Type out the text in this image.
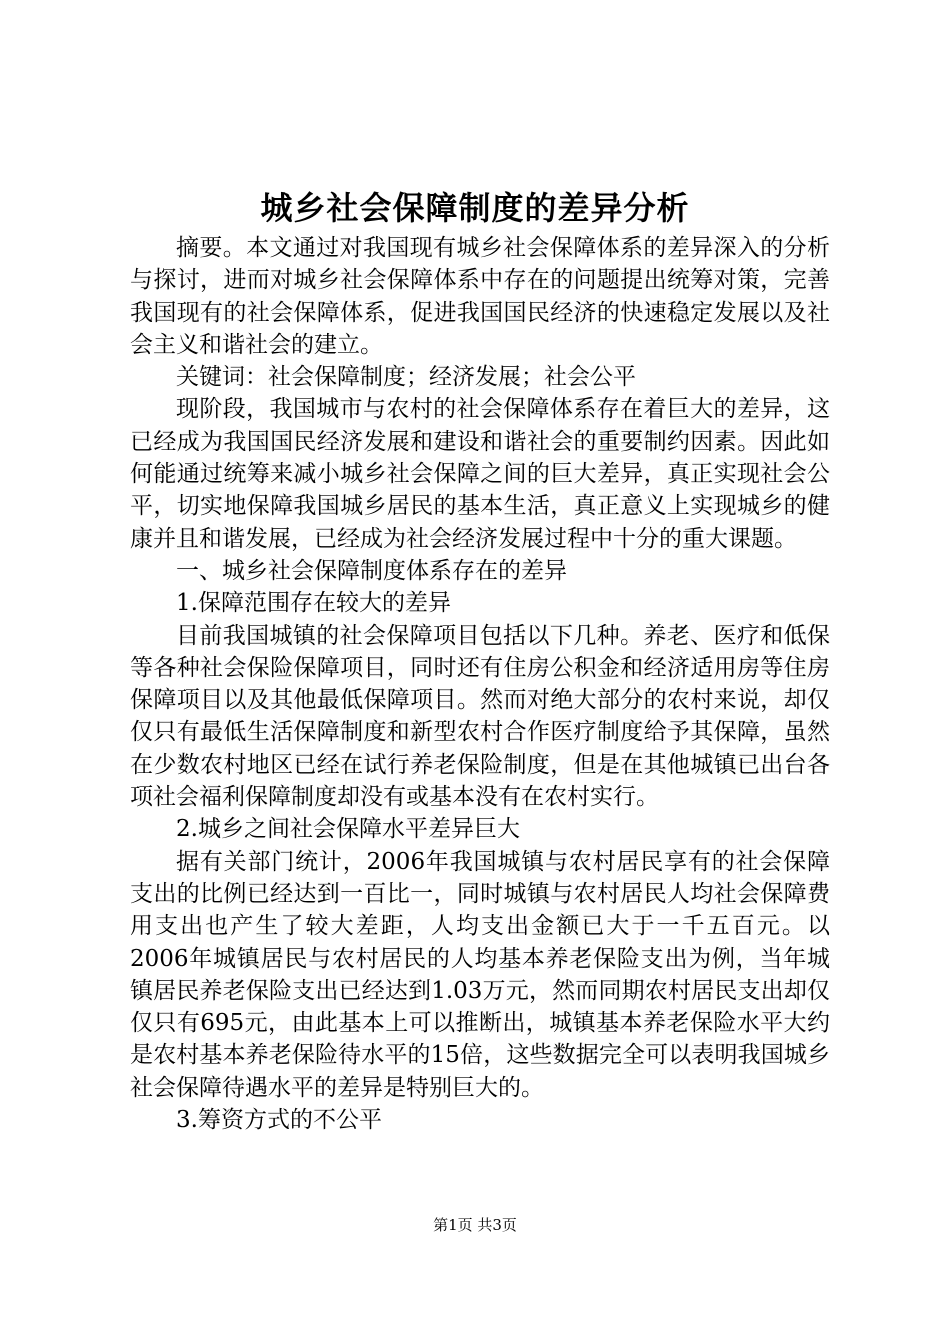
城乡社会保障制度的差异分析

摘要。本文通过对我国现有城乡社会保障体系的差异深入的分析与探讨，进而对城乡社会保障体系中存在的问题提出统筹对策，完善我国现有的社会保障体系，促进我国国民经济的快速稳定发展以及社会主义和谐社会的建立。

关键词：社会保障制度；经济发展；社会公平

现阶段，我国城市与农村的社会保障体系存在着巨大的差异，这已经成为我国国民经济发展和建设和谐社会的重要制约因素。因此如何能通过统筹来减小城乡社会保障之间的巨大差异，真正实现社会公平，切实地保障我国城乡居民的基本生活，真正意义上实现城乡的健康并且和谐发展，已经成为社会经济发展过程中十分的重大课题。

一、城乡社会保障制度体系存在的差异

1.保障范围存在较大的差异

目前我国城镇的社会保障项目包括以下几种。养老、医疗和低保等各种社会保险保障项目，同时还有住房公积金和经济适用房等住房保障项目以及其他最低保障项目。然而对绝大部分的农村来说，却仅仅只有最低生活保障制度和新型农村合作医疗制度给予其保障，虽然在少数农村地区已经在试行养老保险制度，但是在其他城镇已出台各项社会福利保障制度却没有或基本没有在农村实行。

2.城乡之间社会保障水平差异巨大

据有关部门统计，2006年我国城镇与农村居民享有的社会保障支出的比例已经达到一百比一，同时城镇与农村居民人均社会保障费用支出也产生了较大差距，人均支出金额已大于一千五百元。以2006年城镇居民与农村居民的人均基本养老保险支出为例，当年城镇居民养老保险支出已经达到1.03万元，然而同期农村居民支出却仅仅只有695元，由此基本上可以推断出，城镇基本养老保险水平大约是农村基本养老保险待水平的15倍，这些数据完全可以表明我国城乡社会保障待遇水平的差异是特别巨大的。

3.筹资方式的不公平

第1页 共3页
